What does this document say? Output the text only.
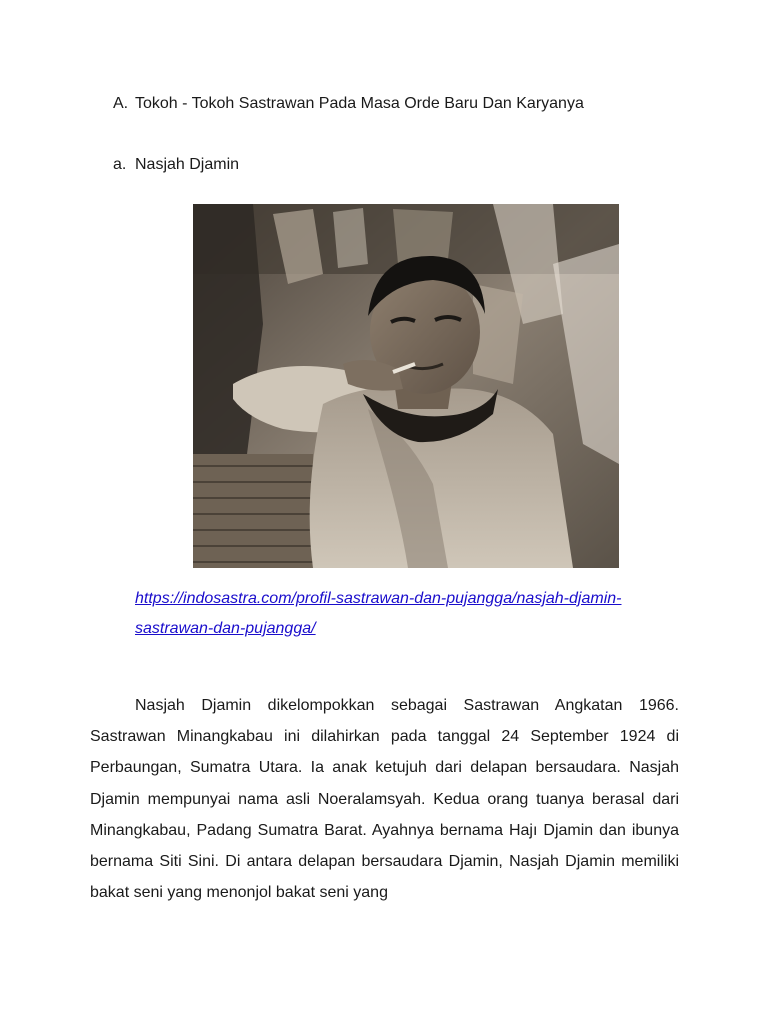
A. Tokoh - Tokoh Sastrawan Pada Masa Orde Baru Dan Karyanya
a. Nasjah Djamin
https://indosastra.com/profil-sastrawan-dan-pujangga/nasjah-djamin-
sastrawan-dan-pujangga/

Nasjah Djamin dikelompokkan sebagai Sastrawan Angkatan 1966. Sastrawan Minangkabau ini dilahirkan pada tanggal 24 September 1924 di Perbaungan, Sumatra Utara. Ia anak ketujuh dari delapan bersaudara. Nasjah Djamin mempunyai nama asli Noeralamsyah. Kedua orang tuanya berasal dari Minangkabau, Padang Sumatra Barat. Ayahnya bernama Hajı Djamin dan ibunya bernama Siti Sini. Di antara delapan bersaudara Djamin, Nasjah Djamin memiliki bakat seni yang menonjol bakat seni yang
